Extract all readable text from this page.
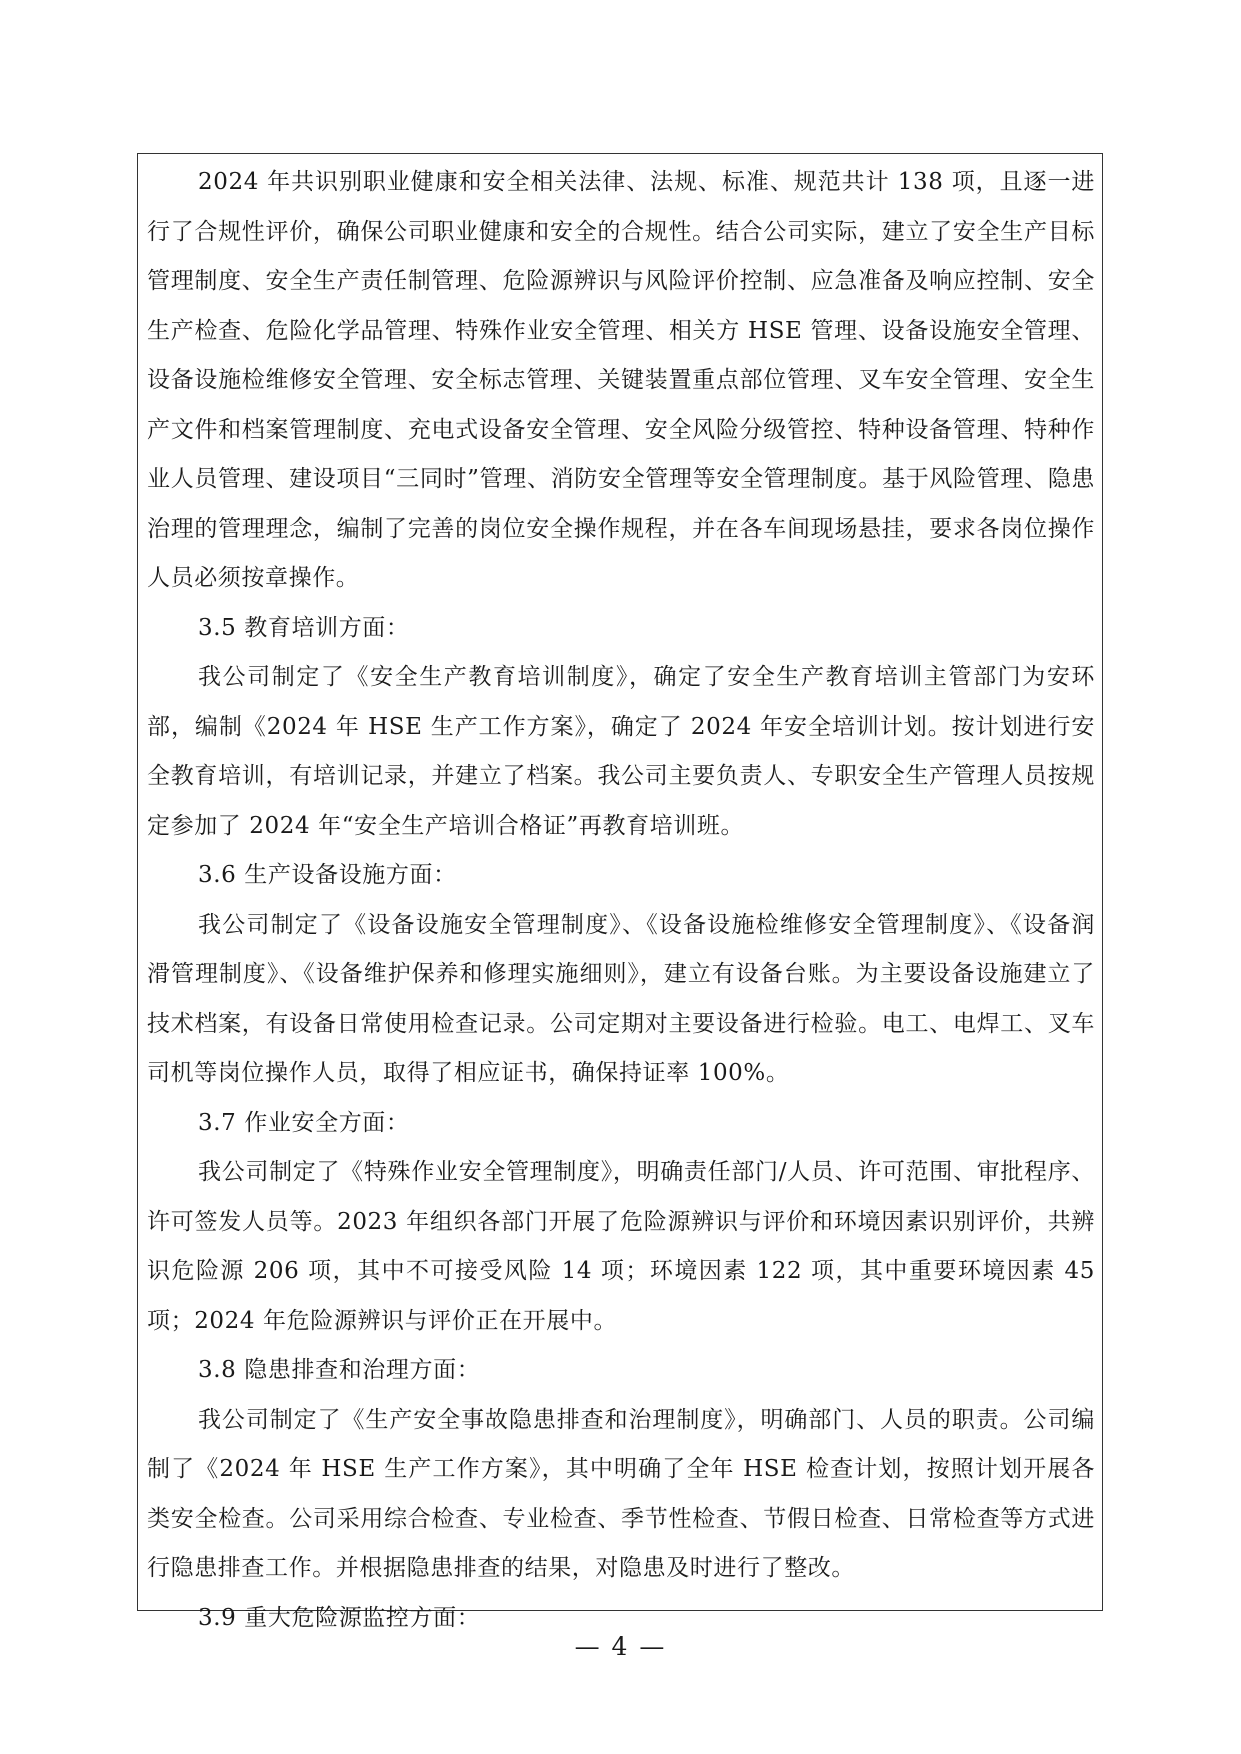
2024 年共识别职业健康和安全相关法律、法规、标准、规范共计 138 项，且逐一进行了合规性评价，确保公司职业健康和安全的合规性。结合公司实际，建立了安全生产目标管理制度、安全生产责任制管理、危险源辨识与风险评价控制、应急准备及响应控制、安全生产检查、危险化学品管理、特殊作业安全管理、相关方 HSE 管理、设备设施安全管理、设备设施检维修安全管理、安全标志管理、关键装置重点部位管理、叉车安全管理、安全生产文件和档案管理制度、充电式设备安全管理、安全风险分级管控、特种设备管理、特种作业人员管理、建设项目“三同时”管理、消防安全管理等安全管理制度。基于风险管理、隐患治理的管理理念，编制了完善的岗位安全操作规程，并在各车间现场悬挂，要求各岗位操作人员必须按章操作。

3.5 教育培训方面：

我公司制定了《安全生产教育培训制度》，确定了安全生产教育培训主管部门为安环部，编制《2024 年 HSE 生产工作方案》，确定了 2024 年安全培训计划。按计划进行安全教育培训，有培训记录，并建立了档案。我公司主要负责人、专职安全生产管理人员按规定参加了 2024 年“安全生产培训合格证”再教育培训班。

3.6 生产设备设施方面：

我公司制定了《设备设施安全管理制度》、《设备设施检维修安全管理制度》、《设备润滑管理制度》、《设备维护保养和修理实施细则》，建立有设备台账。为主要设备设施建立了技术档案，有设备日常使用检查记录。公司定期对主要设备进行检验。电工、电焊工、叉车司机等岗位操作人员，取得了相应证书，确保持证率 100%。

3.7 作业安全方面：

我公司制定了《特殊作业安全管理制度》，明确责任部门/人员、许可范围、审批程序、许可签发人员等。2023 年组织各部门开展了危险源辨识与评价和环境因素识别评价，共辨识危险源 206 项，其中不可接受风险 14 项；环境因素 122 项，其中重要环境因素 45 项；2024 年危险源辨识与评价正在开展中。

3.8 隐患排查和治理方面：

我公司制定了《生产安全事故隐患排查和治理制度》，明确部门、人员的职责。公司编制了《2024 年 HSE 生产工作方案》，其中明确了全年 HSE 检查计划，按照计划开展各类安全检查。公司采用综合检查、专业检查、季节性检查、节假日检查、日常检查等方式进行隐患排查工作。并根据隐患排查的结果，对隐患及时进行了整改。

3.9 重大危险源监控方面：

— 4 —
